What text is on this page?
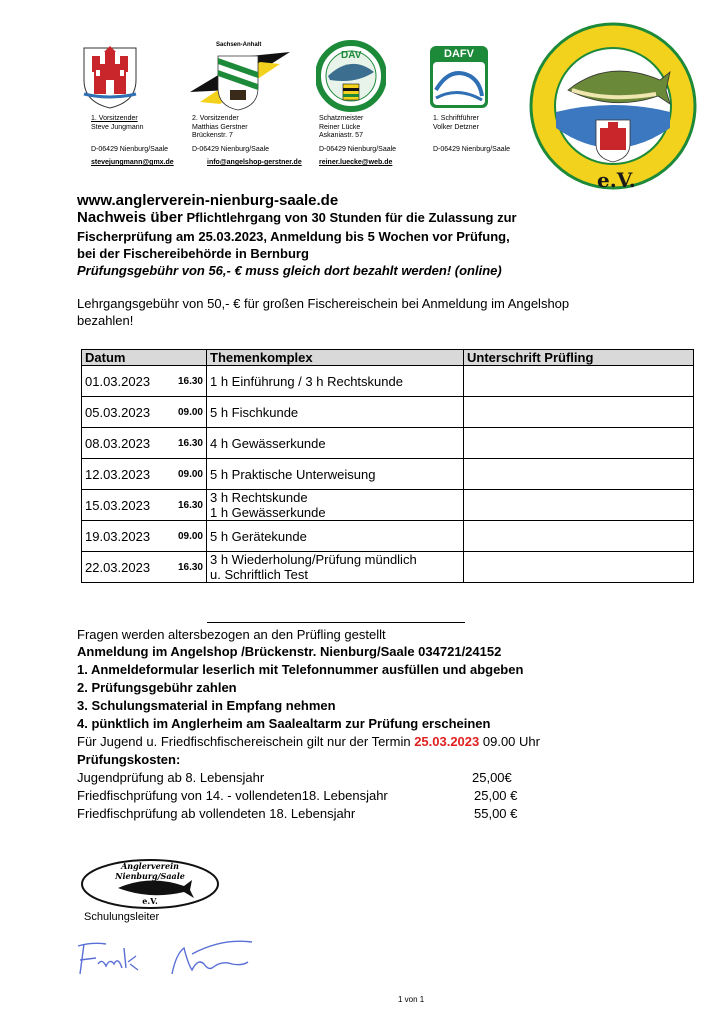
Sachsen-Anhalt
DAV	DAFV
e.V.
1. Vorsitzender
Steve Jungmann

D-06429 Nienburg/Saale
2. Vorsitzender
Matthias Gerstner
Brückenstr. 7

D-06429 Nienburg/Saale
Schatzmeister
Reiner Lücke
Askaniastr. 57

D-06429 Nienburg/Saale
1. Schriftführer
Volker Detzner

D-06429 Nienburg/Saale
stevejungmann@gmx.de	info@angelshop-gerstner.de reiner.luecke@web.de
www.anglerverein-nienburg-saale.de
Nachweis über Pflichtlehrgang von 30 Stunden für die Zulassung zur
Fischerprüfung am 25.03.2023, Anmeldung bis 5 Wochen vor Prüfung,
bei der Fischereibehörde in Bernburg
Prüfungsgebühr von 56,- € muss gleich dort bezahlt werden! (online)
Lehrgangsgebühr von 50,- € für großen Fischereischein bei Anmeldung im Angelshop
bezahlen!
Datum	Themenkomplex	Unterschrift Prüfling
01.03.2023 16.30	1 h Einführung / 3 h Rechtskunde	
05.03.2023 09.00	5 h Fischkunde	
08.03.2023 16.30	4 h Gewässerkunde	
12.03.2023 09.00	5 h Praktische Unterweisung	
15.03.2023 16.30	3 h Rechtskunde
1 h Gewässerkunde	
19.03.2023 09.00	5 h Gerätekunde	
22.03.2023 16.30	3 h Wiederholung/Prüfung mündlich
u. Schriftlich Test	
Fragen werden altersbezogen an den Prüfling gestellt
Anmeldung im Angelshop /Brückenstr. Nienburg/Saale 034721/24152
1. Anmeldeformular leserlich mit Telefonnummer ausfüllen und abgeben
2. Prüfungsgebühr zahlen
3. Schulungsmaterial in Empfang nehmen
4. pünktlich im Anglerheim am Saalealtarm zur Prüfung erscheinen
Für Jugend u. Friedfischfischereischein gilt nur der Termin 25.03.2023 09.00 Uhr
Prüfungskosten:
Jugendprüfung ab 8. Lebensjahr	25,00€
Friedfischprüfung von 14. - vollendeten18. Lebensjahr	25,00 €
Friedfischprüfung ab vollendeten 18. Lebensjahr	55,00 €
Anglerverein Nienburg/Saale
e.V.
Schulungsleiter
1 von 1
